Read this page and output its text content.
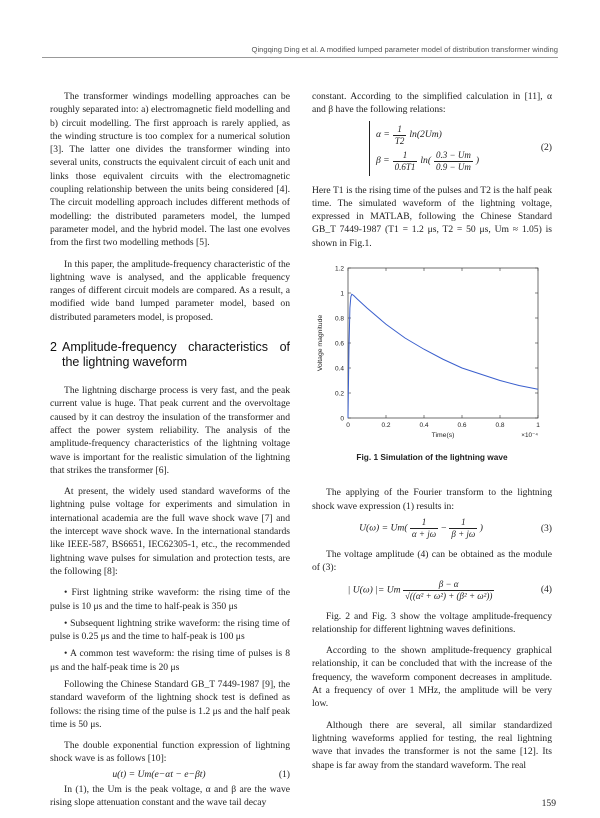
Qingqing Ding et al. A modified lumped parameter model of distribution transformer winding

The transformer windings modelling approaches can be roughly separated into: a) electromagnetic field modelling and b) circuit modelling. The first approach is rarely applied, as the winding structure is too complex for a numerical solution [3]. The latter one divides the transformer winding into several units, constructs the equivalent circuit of each unit and links those equivalent circuits with the electromagnetic coupling relationship between the units being considered [4]. The circuit modelling approach includes different methods of modelling: the distributed parameters model, the lumped parameter model, and the hybrid model. The last one evolves from the first two modelling methods [5].

In this paper, the amplitude-frequency characteristic of the lightning wave is analysed, and the applicable frequency ranges of different circuit models are compared. As a result, a modified wide band lumped parameter model, based on distributed parameters model, is proposed.

2 Amplitude-frequency characteristics of the lightning waveform

The lightning discharge process is very fast, and the peak current value is huge. That peak current and the overvoltage caused by it can destroy the insulation of the transformer and affect the power system reliability. The analysis of the amplitude-frequency characteristics of the lightning voltage wave is important for the realistic simulation of the lightning that strikes the transformer [6].

At present, the widely used standard waveforms of the lightning pulse voltage for experiments and simulation in international academia are the full wave shock wave [7] and the intercept wave shock wave. In the international standards like IEEE-587, BS6651, IEC62305-1, etc., the recommended lightning wave pulses for simulation and protection tests, are the following [8]:

• First lightning strike waveform: the rising time of the pulse is 10 μs and the time to half-peak is 350 μs

• Subsequent lightning strike waveform: the rising time of pulse is 0.25 μs and the time to half-peak is 100 μs

• A common test waveform: the rising time of pulses is 8 μs and the half-peak time is 20 μs

Following the Chinese Standard GB_T 7449-1987 [9], the standard waveform of the lightning shock test is defined as follows: the rising time of the pulse is 1.2 μs and the half peak time is 50 μs.

The double exponential function expression of lightning shock wave is as follows [10]:

u(t) = Um(e−αt − e−βt)	(1)

In (1), the Um is the peak voltage, α and β are the wave rising slope attenuation constant and the wave tail decay

constant. According to the simplified calculation in [11], α and β have the following relations:

$\alpha = \frac{1}{T2} \ln(2Um)$
$\beta = \frac{1}{0.6T1} \ln( \frac{0.3 - Um}{0.9 - Um}$ )
(2)

Here T1 is the rising time of the pulses and T2 is the half peak time. The simulated waveform of the lightning voltage, expressed in MATLAB, following the Chinese Standard GB_T 7449-1987 (T1 = 1.2 μs, T2 = 50 μs, Um ≈ 1.05) is shown in Fig.1.

0	0.2	0.4	0.6	0.8	1
0
0.2
0.4
0.6
0.8
1
1.2
Time(s)	×10⁻⁴
Voltage magnitude
Fig. 1 Simulation of the lightning wave

The applying of the Fourier transform to the lightning shock wave expression (1) results in:

$U(\omega) = Um( \frac{1}{\alpha + j\omega} - \frac{1}{\beta + j\omega}$ )	(3)

The voltage amplitude (4) can be obtained as the module of (3):

| U(ω) |= Um $\frac{\beta - \alpha}{\text{√((α² + ω²) + (β² + ω²))}}$	(4)

Fig. 2 and Fig. 3 show the voltage amplitude-frequency relationship for different lightning waves definitions.

According to the shown amplitude-frequency graphical relationship, it can be concluded that with the increase of the frequency, the waveform component decreases in amplitude. At a frequency of over 1 MHz, the amplitude will be very low.

Although there are several, all similar standardized lightning waveforms applied for testing, the real lightning wave that invades the transformer is not the same [12]. Its shape is far away from the standard waveform. The real

159
